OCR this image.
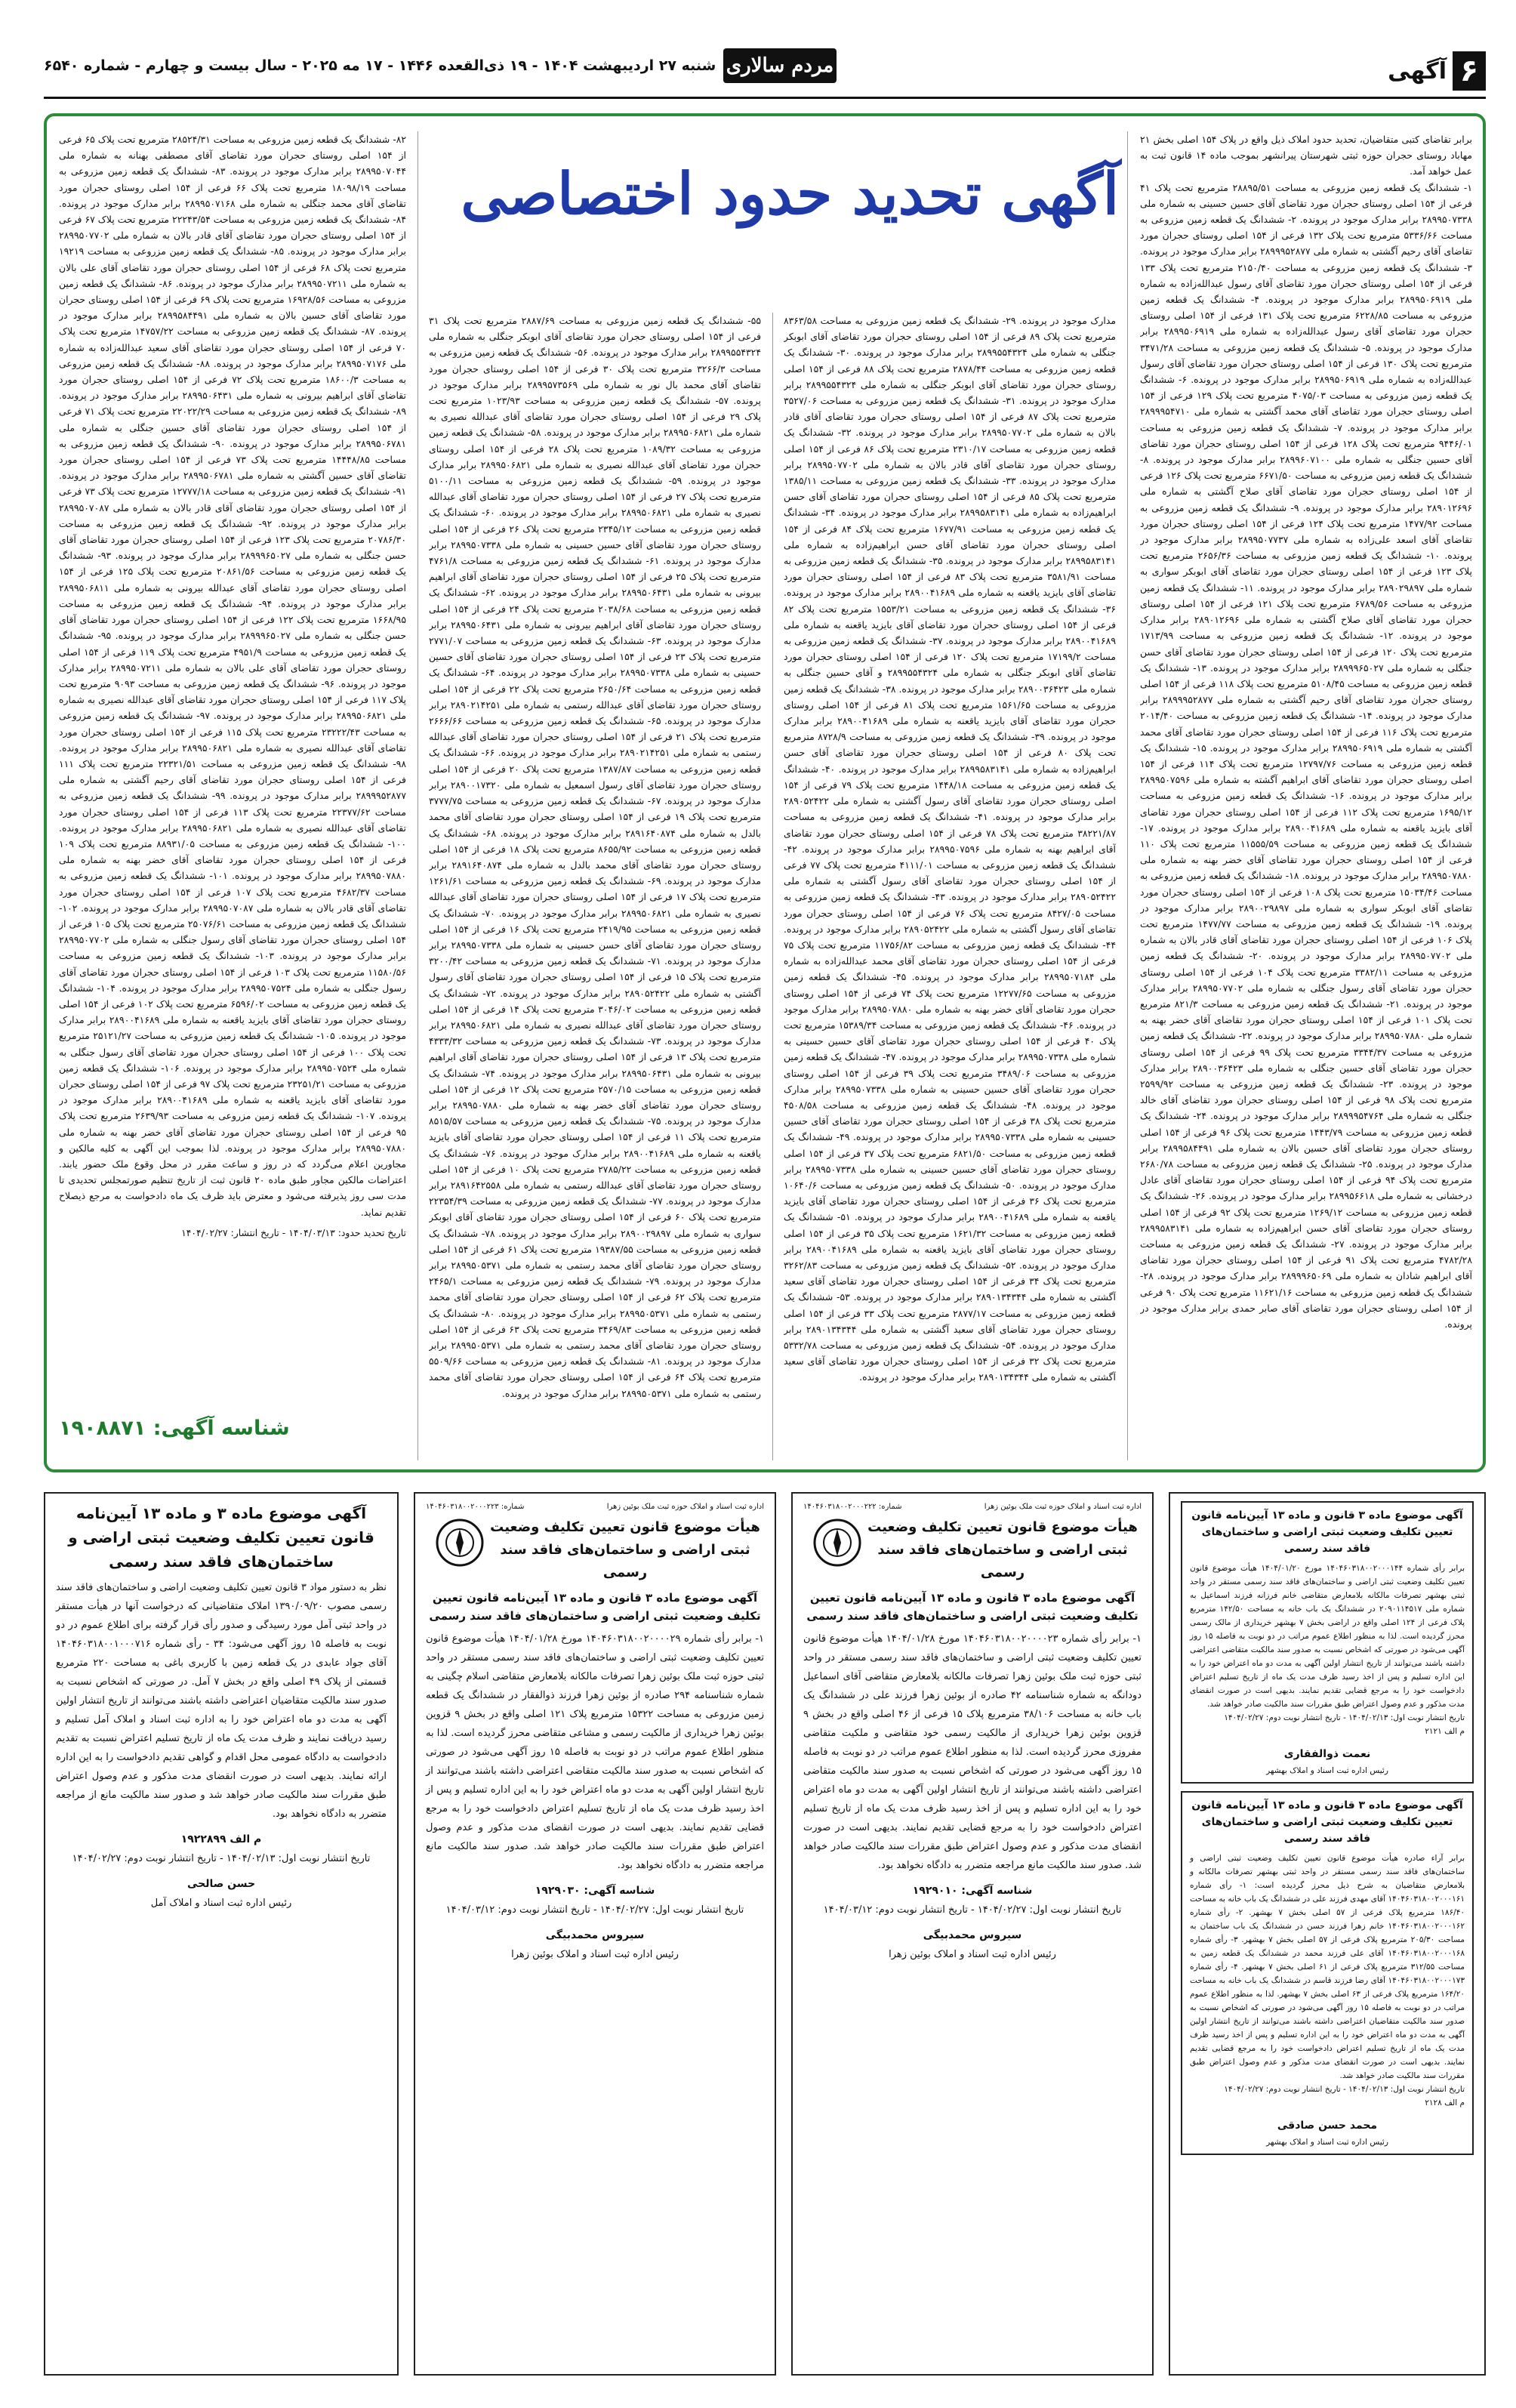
۶
آگهی
مردم سالاری
شنبه ۲۷ اردیبهشت ۱۴۰۴ - ۱۹ ذی‌القعده ۱۴۴۶ - ۱۷ مه ۲۰۲۵ - سال بیست و چهارم - شماره ۶۵۴۰

برابر تقاضای کتبی متقاضیان، تحدید حدود املاک ذیل واقع در پلاک ۱۵۴ اصلی بخش ۲۱ مهاباد روستای حجران حوزه ثبتی شهرستان پیرانشهر بموجب ماده ۱۴ قانون ثبت به عمل خواهد آمد.

۱- ششدانگ یک قطعه زمین مزروعی به مساحت ۲۸۸۹۵/۵۱ مترمربع تحت پلاک ۴۱ فرعی از ۱۵۴ اصلی روستای حجران مورد تقاضای آقای حسین حسینی به شماره ملی ۲۸۹۹۵۰۷۳۳۸ برابر مدارک موجود در پرونده. ۲- ششدانگ یک قطعه زمین مزروعی به مساحت ۵۳۳۶/۶۶ مترمربع تحت پلاک ۱۳۲ فرعی از ۱۵۴ اصلی روستای حجران مورد تقاضای آقای رحیم آگشتی به شماره ملی ۲۸۹۹۹۵۲۸۷۷ برابر مدارک موجود در پرونده. ۳- ششدانگ یک قطعه زمین مزروعی به مساحت ۲۱۵۰/۴۰ مترمربع تحت پلاک ۱۳۳ فرعی از ۱۵۴ اصلی روستای حجران مورد تقاضای آقای رسول عبدالله‌زاده به شماره ملی ۲۸۹۹۵۰۶۹۱۹ برابر مدارک موجود در پرونده. ۴- ششدانگ یک قطعه زمین مزروعی به مساحت ۶۲۲۸/۸۵ مترمربع تحت پلاک ۱۳۱ فرعی از ۱۵۴ اصلی روستای حجران مورد تقاضای آقای رسول عبدالله‌زاده به شماره ملی ۲۸۹۹۵۰۶۹۱۹ برابر مدارک موجود در پرونده. ۵- ششدانگ یک قطعه زمین مزروعی به مساحت ۳۴۷۱/۲۸ مترمربع تحت پلاک ۱۳۰ فرعی از ۱۵۴ اصلی روستای حجران مورد تقاضای آقای رسول عبدالله‌زاده به شماره ملی ۲۸۹۹۵۰۶۹۱۹ برابر مدارک موجود در پرونده. ۶- ششدانگ یک قطعه زمین مزروعی به مساحت ۴۰۷۵/۰۳ مترمربع تحت پلاک ۱۲۹ فرعی از ۱۵۴ اصلی روستای حجران مورد تقاضای آقای محمد آگشتی به شماره ملی ۲۸۹۹۹۵۴۷۱۰ برابر مدارک موجود در پرونده. ۷- ششدانگ یک قطعه زمین مزروعی به مساحت ۹۴۴۶/۰۱ مترمربع تحت پلاک ۱۲۸ فرعی از ۱۵۴ اصلی روستای حجران مورد تقاضای آقای حسین جنگلی به شماره ملی ۲۸۹۹۶۰۷۱۰۰ برابر مدارک موجود در پرونده. ۸- ششدانگ یک قطعه زمین مزروعی به مساحت ۶۶۷۱/۵۰ مترمربع تحت پلاک ۱۲۶ فرعی از ۱۵۴ اصلی روستای حجران مورد تقاضای آقای صلاح آگشتی به شماره ملی ۲۸۹۰۱۲۶۹۶ برابر مدارک موجود در پرونده. ۹- ششدانگ یک قطعه زمین مزروعی به مساحت ۱۴۷۷/۹۲ مترمربع تحت پلاک ۱۲۴ فرعی از ۱۵۴ اصلی روستای حجران مورد تقاضای آقای اسعد علی‌زاده به شماره ملی ۲۸۹۹۵۰۷۷۳۷ برابر مدارک موجود در پرونده. ۱۰- ششدانگ یک قطعه زمین مزروعی به مساحت ۲۶۵۶/۳۶ مترمربع تحت پلاک ۱۲۳ فرعی از ۱۵۴ اصلی روستای حجران مورد تقاضای آقای ابوبکر سواری به شماره ملی ۲۸۹۰۲۹۸۹۷ برابر مدارک موجود در پرونده. ۱۱- ششدانگ یک قطعه زمین مزروعی به مساحت ۶۷۸۹/۵۶ مترمربع تحت پلاک ۱۲۱ فرعی از ۱۵۴ اصلی روستای حجران مورد تقاضای آقای صلاح آگشتی به شماره ملی ۲۸۹۰۱۲۶۹۶ برابر مدارک موجود در پرونده. ۱۲- ششدانگ یک قطعه زمین مزروعی به مساحت ۱۷۱۳/۹۹ مترمربع تحت پلاک ۱۲۰ فرعی از ۱۵۴ اصلی روستای حجران مورد تقاضای آقای حسن جنگلی به شماره ملی ۲۸۹۹۹۶۵۰۲۷ برابر مدارک موجود در پرونده. ۱۳- ششدانگ یک قطعه زمین مزروعی به مساحت ۵۱۰۸/۴۵ مترمربع تحت پلاک ۱۱۸ فرعی از ۱۵۴ اصلی روستای حجران مورد تقاضای آقای رحیم آگشتی به شماره ملی ۲۸۹۹۹۵۲۸۷۷ برابر مدارک موجود در پرونده. ۱۴- ششدانگ یک قطعه زمین مزروعی به مساحت ۲۰۱۴/۴۰ مترمربع تحت پلاک ۱۱۶ فرعی از ۱۵۴ اصلی روستای حجران مورد تقاضای آقای محمد آگشتی به شماره ملی ۲۸۹۹۵۰۶۹۱۹ برابر مدارک موجود در پرونده. ۱۵- ششدانگ یک قطعه زمین مزروعی به مساحت ۱۲۷۹۷/۷۶ مترمربع تحت پلاک ۱۱۴ فرعی از ۱۵۴ اصلی روستای حجران مورد تقاضای آقای ابراهیم آگشته به شماره ملی ۲۸۹۹۵۰۷۵۹۶ برابر مدارک موجود در پرونده. ۱۶- ششدانگ یک قطعه زمین مزروعی به مساحت ۱۶۹۵/۱۲ مترمربع تحت پلاک ۱۱۲ فرعی از ۱۵۴ اصلی روستای حجران مورد تقاضای آقای بایزید یاقعنه به شماره ملی ۲۸۹۰۰۴۱۶۸۹ برابر مدارک موجود در پرونده. ۱۷- ششدانگ یک قطعه زمین مزروعی به مساحت ۱۱۵۵۵/۵۹ مترمربع تحت پلاک ۱۱۰ فرعی از ۱۵۴ اصلی روستای حجران مورد تقاضای آقای خضر بهنه به شماره ملی ۲۸۹۹۵۰۷۸۸۰ برابر مدارک موجود در پرونده. ۱۸- ششدانگ یک قطعه زمین مزروعی به مساحت ۱۵۰۳۴/۴۶ مترمربع تحت پلاک ۱۰۸ فرعی از ۱۵۴ اصلی روستای حجران مورد تقاضای آقای ابوبکر سواری به شماره ملی ۲۸۹۰۰۲۹۸۹۷ برابر مدارک موجود در پرونده. ۱۹- ششدانگ یک قطعه زمین مزروعی به مساحت ۱۴۷۷/۷۷ مترمربع تحت پلاک ۱۰۶ فرعی از ۱۵۴ اصلی روستای حجران مورد تقاضای آقای قادر بالان به شماره ملی ۲۸۹۹۵۰۷۷۰۲ برابر مدارک موجود در پرونده. ۲۰- ششدانگ یک قطعه زمین مزروعی به مساحت ۳۳۸۲/۱۱ مترمربع تحت پلاک ۱۰۴ فرعی از ۱۵۴ اصلی روستای حجران مورد تقاضای آقای رسول جنگلی به شماره ملی ۲۸۹۹۵۰۷۷۰۲ برابر مدارک موجود در پرونده. ۲۱- ششدانگ یک قطعه زمین مزروعی به مساحت ۸۲۱/۳ مترمربع تحت پلاک ۱۰۱ فرعی از ۱۵۴ اصلی روستای حجران مورد تقاضای آقای خضر بهنه به شماره ملی ۲۸۹۹۵۰۷۸۸۰ برابر مدارک موجود در پرونده. ۲۲- ششدانگ یک قطعه زمین مزروعی به مساحت ۳۳۴۴/۳۷ مترمربع تحت پلاک ۹۹ فرعی از ۱۵۴ اصلی روستای حجران مورد تقاضای آقای حسین جنگلی به شماره ملی ۲۸۹۰۰۳۶۴۲۳ برابر مدارک موجود در پرونده. ۲۳- ششدانگ یک قطعه زمین مزروعی به مساحت ۲۵۹۹/۹۲ مترمربع تحت پلاک ۹۸ فرعی از ۱۵۴ اصلی روستای حجران مورد تقاضای آقای خالد جنگلی به شماره ملی ۲۸۹۹۹۵۴۷۶۴ برابر مدارک موجود در پرونده. ۲۴- ششدانگ یک قطعه زمین مزروعی به مساحت ۱۴۴۳/۷۹ مترمربع تحت پلاک ۹۶ فرعی از ۱۵۴ اصلی روستای حجران مورد تقاضای آقای حسین بالان به شماره ملی ۲۸۹۹۵۸۴۴۹۱ برابر مدارک موجود در پرونده. ۲۵- ششدانگ یک قطعه زمین مزروعی به مساحت ۲۶۸۰/۷۸ مترمربع تحت پلاک ۹۴ فرعی از ۱۵۴ اصلی روستای حجران مورد تقاضای آقای عادل درخشانی به شماره ملی ۲۸۹۹۵۶۶۱۸ برابر مدارک موجود در پرونده. ۲۶- ششدانگ یک قطعه زمین مزروعی به مساحت ۱۲۶۹/۱۲ مترمربع تحت پلاک ۹۲ فرعی از ۱۵۴ اصلی روستای حجران مورد تقاضای آقای حسن ابراهیم‌زاده به شماره ملی ۲۸۹۹۵۸۳۱۴۱ برابر مدارک موجود در پرونده. ۲۷- ششدانگ یک قطعه زمین مزروعی به مساحت ۴۷۸۲/۲۸ مترمربع تحت پلاک ۹۱ فرعی از ۱۵۴ اصلی روستای حجران مورد تقاضای آقای ابراهیم شادان به شماره ملی ۲۸۹۹۹۶۵۰۶۹ برابر مدارک موجود در پرونده. ۲۸- ششدانگ یک قطعه زمین مزروعی به مساحت ۱۱۶۲۱/۱۶ مترمربع تحت پلاک ۹۰ فرعی از ۱۵۴ اصلی روستای حجران مورد تقاضای آقای صابر حمدی برابر مدارک موجود در پرونده.

مدارک موجود در پرونده. ۲۹- ششدانگ یک قطعه زمین مزروعی به مساحت ۸۳۶۳/۵۸ مترمربع تحت پلاک ۸۹ فرعی از ۱۵۴ اصلی روستای حجران مورد تقاضای آقای ابوبکر جنگلی به شماره ملی ۲۸۹۹۵۵۴۳۲۴ برابر مدارک موجود در پرونده. ۳۰- ششدانگ یک قطعه زمین مزروعی به مساحت ۲۸۷۸/۴۴ مترمربع تحت پلاک ۸۸ فرعی از ۱۵۴ اصلی روستای حجران مورد تقاضای آقای ابوبکر جنگلی به شماره ملی ۲۸۹۹۵۵۴۳۲۴ برابر مدارک موجود در پرونده. ۳۱- ششدانگ یک قطعه زمین مزروعی به مساحت ۳۵۲۷/۰۶ مترمربع تحت پلاک ۸۷ فرعی از ۱۵۴ اصلی روستای حجران مورد تقاضای آقای قادر بالان به شماره ملی ۲۸۹۹۵۰۷۷۰۲ برابر مدارک موجود در پرونده. ۳۲- ششدانگ یک قطعه زمین مزروعی به مساحت ۲۳۱۰/۱۷ مترمربع تحت پلاک ۸۶ فرعی از ۱۵۴ اصلی روستای حجران مورد تقاضای آقای قادر بالان به شماره ملی ۲۸۹۹۵۰۷۷۰۲ برابر مدارک موجود در پرونده. ۳۳- ششدانگ یک قطعه زمین مزروعی به مساحت ۱۳۸۵/۱۱ مترمربع تحت پلاک ۸۵ فرعی از ۱۵۴ اصلی روستای حجران مورد تقاضای آقای حسن ابراهیم‌زاده به شماره ملی ۲۸۹۹۵۸۳۱۴۱ برابر مدارک موجود در پرونده. ۳۴- ششدانگ یک قطعه زمین مزروعی به مساحت ۱۶۷۷/۹۱ مترمربع تحت پلاک ۸۴ فرعی از ۱۵۴ اصلی روستای حجران مورد تقاضای آقای حسن ابراهیم‌زاده به شماره ملی ۲۸۹۹۵۸۳۱۴۱ برابر مدارک موجود در پرونده. ۳۵- ششدانگ یک قطعه زمین مزروعی به مساحت ۳۵۸۱/۹۱ مترمربع تحت پلاک ۸۳ فرعی از ۱۵۴ اصلی روستای حجران مورد تقاضای آقای بایزید یاقعنه به شماره ملی ۲۸۹۰۰۴۱۶۸۹ برابر مدارک موجود در پرونده. ۳۶- ششدانگ یک قطعه زمین مزروعی به مساحت ۱۵۵۳/۲۱ مترمربع تحت پلاک ۸۲ فرعی از ۱۵۴ اصلی روستای حجران مورد تقاضای آقای بایزید یاقعنه به شماره ملی ۲۸۹۰۰۴۱۶۸۹ برابر مدارک موجود در پرونده. ۳۷- ششدانگ یک قطعه زمین مزروعی به مساحت ۱۷۱۹۹/۲ مترمربع تحت پلاک ۱۲۰ فرعی از ۱۵۴ اصلی روستای حجران مورد تقاضای آقای ابوبکر جنگلی به شماره ملی ۲۸۹۹۵۵۴۳۲۴ و آقای حسین جنگلی به شماره ملی ۲۸۹۰۰۳۶۴۲۳ برابر مدارک موجود در پرونده. ۳۸- ششدانگ یک قطعه زمین مزروعی به مساحت ۱۵۶۱/۶۵ مترمربع تحت پلاک ۸۱ فرعی از ۱۵۴ اصلی روستای حجران مورد تقاضای آقای بایزید یاقعنه به شماره ملی ۲۸۹۰۰۴۱۶۸۹ برابر مدارک موجود در پرونده. ۳۹- ششدانگ یک قطعه زمین مزروعی به مساحت ۸۷۲۸/۹ مترمربع تحت پلاک ۸۰ فرعی از ۱۵۴ اصلی روستای حجران مورد تقاضای آقای حسن ابراهیم‌زاده به شماره ملی ۲۸۹۹۵۸۳۱۴۱ برابر مدارک موجود در پرونده. ۴۰- ششدانگ یک قطعه زمین مزروعی به مساحت ۱۴۴۸/۱۸ مترمربع تحت پلاک ۷۹ فرعی از ۱۵۴ اصلی روستای حجران مورد تقاضای آقای رسول آگشتی به شماره ملی ۲۸۹۰۵۲۴۲۲ برابر مدارک موجود در پرونده. ۴۱- ششدانگ یک قطعه زمین مزروعی به مساحت ۳۸۲۲۱/۸۷ مترمربع تحت پلاک ۷۸ فرعی از ۱۵۴ اصلی روستای حجران مورد تقاضای آقای ابراهیم بهنه به شماره ملی ۲۸۹۹۵۰۷۵۹۶ برابر مدارک موجود در پرونده. ۴۲- ششدانگ یک قطعه زمین مزروعی به مساحت ۴۱۱۱/۰۱ مترمربع تحت پلاک ۷۷ فرعی از ۱۵۴ اصلی روستای حجران مورد تقاضای آقای رسول آگشتی به شماره ملی ۲۸۹۰۵۲۴۲۲ برابر مدارک موجود در پرونده. ۴۳- ششدانگ یک قطعه زمین مزروعی به مساحت ۸۴۲۷/۰۵ مترمربع تحت پلاک ۷۶ فرعی از ۱۵۴ اصلی روستای حجران مورد تقاضای آقای رسول آگشتی به شماره ملی ۲۸۹۰۵۲۴۲۲ برابر مدارک موجود در پرونده. ۴۴- ششدانگ یک قطعه زمین مزروعی به مساحت ۱۱۷۵۶/۸۲ مترمربع تحت پلاک ۷۵ فرعی از ۱۵۴ اصلی روستای حجران مورد تقاضای آقای محمد عبدالله‌زاده به شماره ملی ۲۸۹۹۵۰۷۱۸۴ برابر مدارک موجود در پرونده. ۴۵- ششدانگ یک قطعه زمین مزروعی به مساحت ۱۲۲۷۷/۶۵ مترمربع تحت پلاک ۷۴ فرعی از ۱۵۴ اصلی روستای حجران مورد تقاضای آقای خضر بهنه به شماره ملی ۲۸۹۹۵۰۷۸۸۰ برابر مدارک موجود در پرونده. ۴۶- ششدانگ یک قطعه زمین مزروعی به مساحت ۱۵۳۸۹/۳۴ مترمربع تحت پلاک ۴۰ فرعی از ۱۵۴ اصلی روستای حجران مورد تقاضای آقای حسین حسینی به شماره ملی ۲۸۹۹۵۰۷۳۳۸ برابر مدارک موجود در پرونده. ۴۷- ششدانگ یک قطعه زمین مزروعی به مساحت ۳۴۸۹/۰۶ مترمربع تحت پلاک ۳۹ فرعی از ۱۵۴ اصلی روستای حجران مورد تقاضای آقای حسین حسینی به شماره ملی ۲۸۹۹۵۰۷۳۳۸ برابر مدارک موجود در پرونده. ۴۸- ششدانگ یک قطعه زمین مزروعی به مساحت ۴۵۰۸/۵۸ مترمربع تحت پلاک ۳۸ فرعی از ۱۵۴ اصلی روستای حجران مورد تقاضای آقای حسین حسینی به شماره ملی ۲۸۹۹۵۰۷۳۳۸ برابر مدارک موجود در پرونده. ۴۹- ششدانگ یک قطعه زمین مزروعی به مساحت ۶۸۲۱/۵۰ مترمربع تحت پلاک ۳۷ فرعی از ۱۵۴ اصلی روستای حجران مورد تقاضای آقای حسین حسینی به شماره ملی ۲۸۹۹۵۰۷۳۳۸ برابر مدارک موجود در پرونده. ۵۰- ششدانگ یک قطعه زمین مزروعی به مساحت ۱۰۶۴۰/۶ مترمربع تحت پلاک ۳۶ فرعی از ۱۵۴ اصلی روستای حجران مورد تقاضای آقای بایزید یاقعنه به شماره ملی ۲۸۹۰۰۴۱۶۸۹ برابر مدارک موجود در پرونده. ۵۱- ششدانگ یک قطعه زمین مزروعی به مساحت ۱۶۲۱/۳۲ مترمربع تحت پلاک ۳۵ فرعی از ۱۵۴ اصلی روستای حجران مورد تقاضای آقای بایزید یاقعنه به شماره ملی ۲۸۹۰۰۴۱۶۸۹ برابر مدارک موجود در پرونده. ۵۲- ششدانگ یک قطعه زمین مزروعی به مساحت ۳۲۶۲/۸۳ مترمربع تحت پلاک ۳۴ فرعی از ۱۵۴ اصلی روستای حجران مورد تقاضای آقای سعید آگشتی به شماره ملی ۲۸۹۰۱۳۴۳۴۴ برابر مدارک موجود در پرونده. ۵۳- ششدانگ یک قطعه زمین مزروعی به مساحت ۲۸۷۷/۱۷ مترمربع تحت پلاک ۳۳ فرعی از ۱۵۴ اصلی روستای حجران مورد تقاضای آقای سعید آگشتی به شماره ملی ۲۸۹۰۱۳۴۳۴۴ برابر مدارک موجود در پرونده. ۵۴- ششدانگ یک قطعه زمین مزروعی به مساحت ۵۳۳۲/۷۸ مترمربع تحت پلاک ۳۲ فرعی از ۱۵۴ اصلی روستای حجران مورد تقاضای آقای سعید آگشتی به شماره ملی ۲۸۹۰۱۳۴۳۴۴ برابر مدارک موجود در پرونده.

۵۵- ششدانگ یک قطعه زمین مزروعی به مساحت ۲۸۸۷/۶۹ مترمربع تحت پلاک ۳۱ فرعی از ۱۵۴ اصلی روستای حجران مورد تقاضای آقای ابوبکر جنگلی به شماره ملی ۲۸۹۹۵۵۴۳۲۴ برابر مدارک موجود در پرونده. ۵۶- ششدانگ یک قطعه زمین مزروعی به مساحت ۳۲۶۶/۳ مترمربع تحت پلاک ۳۰ فرعی از ۱۵۴ اصلی روستای حجران مورد تقاضای آقای محمد بال نور به شماره ملی ۲۸۹۹۵۷۳۵۶۹ برابر مدارک موجود در پرونده. ۵۷- ششدانگ یک قطعه زمین مزروعی به مساحت ۱۰۲۳/۹۳ مترمربع تحت پلاک ۲۹ فرعی از ۱۵۴ اصلی روستای حجران مورد تقاضای آقای عبدالله نصیری به شماره ملی ۲۸۹۹۵۰۶۸۲۱ برابر مدارک موجود در پرونده. ۵۸- ششدانگ یک قطعه زمین مزروعی به مساحت ۱۰۸۹/۳۲ مترمربع تحت پلاک ۲۸ فرعی از ۱۵۴ اصلی روستای حجران مورد تقاضای آقای عبدالله نصیری به شماره ملی ۲۸۹۹۵۰۶۸۲۱ برابر مدارک موجود در پرونده. ۵۹- ششدانگ یک قطعه زمین مزروعی به مساحت ۵۱۰۰/۱۱ مترمربع تحت پلاک ۲۷ فرعی از ۱۵۴ اصلی روستای حجران مورد تقاضای آقای عبدالله نصیری به شماره ملی ۲۸۹۹۵۰۶۸۲۱ برابر مدارک موجود در پرونده. ۶۰- ششدانگ یک قطعه زمین مزروعی به مساحت ۲۳۴۵/۱۲ مترمربع تحت پلاک ۲۶ فرعی از ۱۵۴ اصلی روستای حجران مورد تقاضای آقای حسین حسینی به شماره ملی ۲۸۹۹۵۰۷۳۳۸ برابر مدارک موجود در پرونده. ۶۱- ششدانگ یک قطعه زمین مزروعی به مساحت ۴۷۶۱/۸ مترمربع تحت پلاک ۲۵ فرعی از ۱۵۴ اصلی روستای حجران مورد تقاضای آقای ابراهیم بیرونی به شماره ملی ۲۸۹۹۵۰۶۴۳۱ برابر مدارک موجود در پرونده. ۶۲- ششدانگ یک قطعه زمین مزروعی به مساحت ۲۰۳۸/۶۸ مترمربع تحت پلاک ۲۴ فرعی از ۱۵۴ اصلی روستای حجران مورد تقاضای آقای ابراهیم بیرونی به شماره ملی ۲۸۹۹۵۰۶۴۳۱ برابر مدارک موجود در پرونده. ۶۳- ششدانگ یک قطعه زمین مزروعی به مساحت ۲۷۷۱/۰۷ مترمربع تحت پلاک ۲۳ فرعی از ۱۵۴ اصلی روستای حجران مورد تقاضای آقای حسین حسینی به شماره ملی ۲۸۹۹۵۰۷۳۳۸ برابر مدارک موجود در پرونده. ۶۴- ششدانگ یک قطعه زمین مزروعی به مساحت ۲۶۵۰/۶۴ مترمربع تحت پلاک ۲۲ فرعی از ۱۵۴ اصلی روستای حجران مورد تقاضای آقای عبدالله رستمی به شماره ملی ۲۸۹۰۲۱۴۲۵۱ برابر مدارک موجود در پرونده. ۶۵- ششدانگ یک قطعه زمین مزروعی به مساحت ۲۶۶۶/۶۶ مترمربع تحت پلاک ۲۱ فرعی از ۱۵۴ اصلی روستای حجران مورد تقاضای آقای عبدالله رستمی به شماره ملی ۲۸۹۰۲۱۴۲۵۱ برابر مدارک موجود در پرونده. ۶۶- ششدانگ یک قطعه زمین مزروعی به مساحت ۱۳۸۷/۸۷ مترمربع تحت پلاک ۲۰ فرعی از ۱۵۴ اصلی روستای حجران مورد تقاضای آقای رسول اسمعیل به شماره ملی ۲۸۹۰۰۱۷۳۲۰ برابر مدارک موجود در پرونده. ۶۷- ششدانگ یک قطعه زمین مزروعی به مساحت ۳۷۷۷/۷۵ مترمربع تحت پلاک ۱۹ فرعی از ۱۵۴ اصلی روستای حجران مورد تقاضای آقای محمد بالدل به شماره ملی ۲۸۹۱۶۴۰۸۷۴ برابر مدارک موجود در پرونده. ۶۸- ششدانگ یک قطعه زمین مزروعی به مساحت ۸۶۵۵/۹۲ مترمربع تحت پلاک ۱۸ فرعی از ۱۵۴ اصلی روستای حجران مورد تقاضای آقای محمد بالدل به شماره ملی ۲۸۹۱۶۴۰۸۷۴ برابر مدارک موجود در پرونده. ۶۹- ششدانگ یک قطعه زمین مزروعی به مساحت ۱۲۶۱/۶۱ مترمربع تحت پلاک ۱۷ فرعی از ۱۵۴ اصلی روستای حجران مورد تقاضای آقای عبدالله نصیری به شماره ملی ۲۸۹۹۵۰۶۸۲۱ برابر مدارک موجود در پرونده. ۷۰- ششدانگ یک قطعه زمین مزروعی به مساحت ۲۴۱۹/۹۵ مترمربع تحت پلاک ۱۶ فرعی از ۱۵۴ اصلی روستای حجران مورد تقاضای آقای حسن حسینی به شماره ملی ۲۸۹۹۵۰۷۳۳۸ برابر مدارک موجود در پرونده. ۷۱- ششدانگ یک قطعه زمین مزروعی به مساحت ۳۲۰۰/۴۲ مترمربع تحت پلاک ۱۵ فرعی از ۱۵۴ اصلی روستای حجران مورد تقاضای آقای رسول آگشتی به شماره ملی ۲۸۹۰۵۲۴۲۲ برابر مدارک موجود در پرونده. ۷۲- ششدانگ یک قطعه زمین مزروعی به مساحت ۳۰۴۶/۰۲ مترمربع تحت پلاک ۱۴ فرعی از ۱۵۴ اصلی روستای حجران مورد تقاضای آقای عبدالله نصیری به شماره ملی ۲۸۹۹۵۰۶۸۲۱ برابر مدارک موجود در پرونده. ۷۳- ششدانگ یک قطعه زمین مزروعی به مساحت ۴۳۳۳/۳۲ مترمربع تحت پلاک ۱۳ فرعی از ۱۵۴ اصلی روستای حجران مورد تقاضای آقای ابراهیم بیرونی به شماره ملی ۲۸۹۹۵۰۶۴۳۱ برابر مدارک موجود در پرونده. ۷۴- ششدانگ یک قطعه زمین مزروعی به مساحت ۲۵۷۰/۱۵ مترمربع تحت پلاک ۱۲ فرعی از ۱۵۴ اصلی روستای حجران مورد تقاضای آقای خضر بهنه به شماره ملی ۲۸۹۹۵۰۷۸۸۰ برابر مدارک موجود در پرونده. ۷۵- ششدانگ یک قطعه زمین مزروعی به مساحت ۸۵۱۵/۵۷ مترمربع تحت پلاک ۱۱ فرعی از ۱۵۴ اصلی روستای حجران مورد تقاضای آقای بایزید یاقعنه به شماره ملی ۲۸۹۰۰۴۱۶۸۹ برابر مدارک موجود در پرونده. ۷۶- ششدانگ یک قطعه زمین مزروعی به مساحت ۲۷۸۵/۲۲ مترمربع تحت پلاک ۱۰ فرعی از ۱۵۴ اصلی روستای حجران مورد تقاضای آقای عبدالله رستمی به شماره ملی ۲۸۹۱۶۴۲۵۵۸ برابر مدارک موجود در پرونده. ۷۷- ششدانگ یک قطعه زمین مزروعی به مساحت ۲۲۳۵۴/۳۹ مترمربع تحت پلاک ۶۰ فرعی از ۱۵۴ اصلی روستای حجران مورد تقاضای آقای ابوبکر سواری به شماره ملی ۲۸۹۰۰۲۹۸۹۷ برابر مدارک موجود در پرونده. ۷۸- ششدانگ یک قطعه زمین مزروعی به مساحت ۱۹۳۸۷/۵۵ مترمربع تحت پلاک ۶۱ فرعی از ۱۵۴ اصلی روستای حجران مورد تقاضای آقای محمد رستمی به شماره ملی ۲۸۹۹۵۰۵۳۷۱ برابر مدارک موجود در پرونده. ۷۹- ششدانگ یک قطعه زمین مزروعی به مساحت ۲۴۶۵/۱ مترمربع تحت پلاک ۶۲ فرعی از ۱۵۴ اصلی روستای حجران مورد تقاضای آقای محمد رستمی به شماره ملی ۲۸۹۹۵۰۵۳۷۱ برابر مدارک موجود در پرونده. ۸۰- ششدانگ یک قطعه زمین مزروعی به مساحت ۳۴۶۹/۸۳ مترمربع تحت پلاک ۶۳ فرعی از ۱۵۴ اصلی روستای حجران مورد تقاضای آقای محمد رستمی به شماره ملی ۲۸۹۹۵۰۵۳۷۱ برابر مدارک موجود در پرونده. ۸۱- ششدانگ یک قطعه زمین مزروعی به مساحت ۵۵۰۹/۶۶ مترمربع تحت پلاک ۶۴ فرعی از ۱۵۴ اصلی روستای حجران مورد تقاضای آقای محمد رستمی به شماره ملی ۲۸۹۹۵۰۵۳۷۱ برابر مدارک موجود در پرونده.

۸۲- ششدانگ یک قطعه زمین مزروعی به مساحت ۲۸۵۲۴/۳۱ مترمربع تحت پلاک ۶۵ فرعی از ۱۵۴ اصلی روستای حجران مورد تقاضای آقای مصطفی بهنانه به شماره ملی ۲۸۹۹۵۰۷۰۴۴ برابر مدارک موجود در پرونده. ۸۳- ششدانگ یک قطعه زمین مزروعی به مساحت ۱۸۰۹۸/۱۹ مترمربع تحت پلاک ۶۶ فرعی از ۱۵۴ اصلی روستای حجران مورد تقاضای آقای محمد جنگلی به شماره ملی ۲۸۹۹۵۰۷۱۶۸ برابر مدارک موجود در پرونده. ۸۴- ششدانگ یک قطعه زمین مزروعی به مساحت ۲۲۲۴۳/۵۴ مترمربع تحت پلاک ۶۷ فرعی از ۱۵۴ اصلی روستای حجران مورد تقاضای آقای قادر بالان به شماره ملی ۲۸۹۹۵۰۷۷۰۲ برابر مدارک موجود در پرونده. ۸۵- ششدانگ یک قطعه زمین مزروعی به مساحت ۱۹۲۱۹ مترمربع تحت پلاک ۶۸ فرعی از ۱۵۴ اصلی روستای حجران مورد تقاضای آقای علی بالان به شماره ملی ۲۸۹۹۵۰۷۲۱۱ برابر مدارک موجود در پرونده. ۸۶- ششدانگ یک قطعه زمین مزروعی به مساحت ۱۶۹۲۸/۵۶ مترمربع تحت پلاک ۶۹ فرعی از ۱۵۴ اصلی روستای حجران مورد تقاضای آقای حسین بالان به شماره ملی ۲۸۹۹۵۸۴۴۹۱ برابر مدارک موجود در پرونده. ۸۷- ششدانگ یک قطعه زمین مزروعی به مساحت ۱۴۷۵۷/۲۲ مترمربع تحت پلاک ۷۰ فرعی از ۱۵۴ اصلی روستای حجران مورد تقاضای آقای سعید عبدالله‌زاده به شماره ملی ۲۸۹۹۵۰۷۱۷۶ برابر مدارک موجود در پرونده. ۸۸- ششدانگ یک قطعه زمین مزروعی به مساحت ۱۸۶۰۰/۳ مترمربع تحت پلاک ۷۲ فرعی از ۱۵۴ اصلی روستای حجران مورد تقاضای آقای ابراهیم بیرونی به شماره ملی ۲۸۹۹۵۰۶۴۳۱ برابر مدارک موجود در پرونده. ۸۹- ششدانگ یک قطعه زمین مزروعی به مساحت ۲۲۰۲۲/۲۹ مترمربع تحت پلاک ۷۱ فرعی از ۱۵۴ اصلی روستای حجران مورد تقاضای آقای حسین جنگلی به شماره ملی ۲۸۹۹۵۰۶۷۸۱ برابر مدارک موجود در پرونده. ۹۰- ششدانگ یک قطعه زمین مزروعی به مساحت ۱۴۴۴۸/۸۵ مترمربع تحت پلاک ۷۳ فرعی از ۱۵۴ اصلی روستای حجران مورد تقاضای آقای حسین آگشتی به شماره ملی ۲۸۹۹۵۰۶۷۸۱ برابر مدارک موجود در پرونده. ۹۱- ششدانگ یک قطعه زمین مزروعی به مساحت ۱۲۷۷۷/۱۸ مترمربع تحت پلاک ۷۳ فرعی از ۱۵۴ اصلی روستای حجران مورد تقاضای آقای قادر بالان به شماره ملی ۲۸۹۹۵۰۷۰۸۷ برابر مدارک موجود در پرونده. ۹۲- ششدانگ یک قطعه زمین مزروعی به مساحت ۲۰۷۸۶/۳۰ مترمربع تحت پلاک ۱۲۳ فرعی از ۱۵۴ اصلی روستای حجران مورد تقاضای آقای حسن جنگلی به شماره ملی ۲۸۹۹۹۶۵۰۲۷ برابر مدارک موجود در پرونده. ۹۳- ششدانگ یک قطعه زمین مزروعی به مساحت ۲۰۸۶۱/۵۶ مترمربع تحت پلاک ۱۲۵ فرعی از ۱۵۴ اصلی روستای حجران مورد تقاضای آقای عبدالله بیرونی به شماره ملی ۲۸۹۹۵۰۶۸۱۱ برابر مدارک موجود در پرونده. ۹۴- ششدانگ یک قطعه زمین مزروعی به مساحت ۱۶۶۸/۹۵ مترمربع تحت پلاک ۱۲۲ فرعی از ۱۵۴ اصلی روستای حجران مورد تقاضای آقای حسن جنگلی به شماره ملی ۲۸۹۹۹۶۵۰۲۷ برابر مدارک موجود در پرونده. ۹۵- ششدانگ یک قطعه زمین مزروعی به مساحت ۴۹۵۱/۹ مترمربع تحت پلاک ۱۱۹ فرعی از ۱۵۴ اصلی روستای حجران مورد تقاضای آقای علی بالان به شماره ملی ۲۸۹۹۵۰۷۲۱۱ برابر مدارک موجود در پرونده. ۹۶- ششدانگ یک قطعه زمین مزروعی به مساحت ۹۰۹۳ مترمربع تحت پلاک ۱۱۷ فرعی از ۱۵۴ اصلی روستای حجران مورد تقاضای آقای عبدالله نصیری به شماره ملی ۲۸۹۹۵۰۶۸۲۱ برابر مدارک موجود در پرونده. ۹۷- ششدانگ یک قطعه زمین مزروعی به مساحت ۲۳۲۲۲/۴۳ مترمربع تحت پلاک ۱۱۵ فرعی از ۱۵۴ اصلی روستای حجران مورد تقاضای آقای عبدالله نصیری به شماره ملی ۲۸۹۹۵۰۶۸۲۱ برابر مدارک موجود در پرونده. ۹۸- ششدانگ یک قطعه زمین مزروعی به مساحت ۲۲۳۲۱/۵۱ مترمربع تحت پلاک ۱۱۱ فرعی از ۱۵۴ اصلی روستای حجران مورد تقاضای آقای رحیم آگشتی به شماره ملی ۲۸۹۹۹۵۲۸۷۷ برابر مدارک موجود در پرونده. ۹۹- ششدانگ یک قطعه زمین مزروعی به مساحت ۲۲۳۷۷/۶۲ مترمربع تحت پلاک ۱۱۳ فرعی از ۱۵۴ اصلی روستای حجران مورد تقاضای آقای عبدالله نصیری به شماره ملی ۲۸۹۹۵۰۶۸۲۱ برابر مدارک موجود در پرونده. ۱۰۰- ششدانگ یک قطعه زمین مزروعی به مساحت ۸۸۹۳۱/۰۵ مترمربع تحت پلاک ۱۰۹ فرعی از ۱۵۴ اصلی روستای حجران مورد تقاضای آقای خضر بهنه به شماره ملی ۲۸۹۹۵۰۷۸۸۰ برابر مدارک موجود در پرونده. ۱۰۱- ششدانگ یک قطعه زمین مزروعی به مساحت ۴۶۸۲/۳۷ مترمربع تحت پلاک ۱۰۷ فرعی از ۱۵۴ اصلی روستای حجران مورد تقاضای آقای قادر بالان به شماره ملی ۲۸۹۹۵۰۷۰۸۷ برابر مدارک موجود در پرونده. ۱۰۲- ششدانگ یک قطعه زمین مزروعی به مساحت ۲۵۰۷۶/۶۱ مترمربع تحت پلاک ۱۰۵ فرعی از ۱۵۴ اصلی روستای حجران مورد تقاضای آقای رسول جنگلی به شماره ملی ۲۸۹۹۵۰۷۷۰۲ برابر مدارک موجود در پرونده. ۱۰۳- ششدانگ یک قطعه زمین مزروعی به مساحت ۱۱۵۸۰/۵۶ مترمربع تحت پلاک ۱۰۳ فرعی از ۱۵۴ اصلی روستای حجران مورد تقاضای آقای رسول جنگلی به شماره ملی ۲۸۹۹۵۰۷۵۲۴ برابر مدارک موجود در پرونده. ۱۰۴- ششدانگ یک قطعه زمین مزروعی به مساحت ۶۵۹۶/۰۲ مترمربع تحت پلاک ۱۰۲ فرعی از ۱۵۴ اصلی روستای حجران مورد تقاضای آقای بایزید یاقعنه به شماره ملی ۲۸۹۰۰۴۱۶۸۹ برابر مدارک موجود در پرونده. ۱۰۵- ششدانگ یک قطعه زمین مزروعی به مساحت ۲۵۱۲۱/۲۷ مترمربع تحت پلاک ۱۰۰ فرعی از ۱۵۴ اصلی روستای حجران مورد تقاضای آقای رسول جنگلی به شماره ملی ۲۸۹۹۵۰۷۵۲۴ برابر مدارک موجود در پرونده. ۱۰۶- ششدانگ یک قطعه زمین مزروعی به مساحت ۲۳۲۵۱/۲۱ مترمربع تحت پلاک ۹۷ فرعی از ۱۵۴ اصلی روستای حجران مورد تقاضای آقای بایزید یاقعنه به شماره ملی ۲۸۹۰۰۴۱۶۸۹ برابر مدارک موجود در پرونده. ۱۰۷- ششدانگ یک قطعه زمین مزروعی به مساحت ۲۶۳۹/۹۳ مترمربع تحت پلاک ۹۵ فرعی از ۱۵۴ اصلی روستای حجران مورد تقاضای آقای خضر بهنه به شماره ملی ۲۸۹۹۵۰۷۸۸۰ برابر مدارک موجود در پرونده. لذا بموجب این آگهی به کلیه مالکین و مجاورین اعلام می‌گردد که در روز و ساعت مقرر در محل وقوع ملک حضور یابند. اعتراضات مالکین مجاور طبق ماده ۲۰ قانون ثبت از تاریخ تنظیم صورتمجلس تحدیدی تا مدت سی روز پذیرفته می‌شود و معترض باید ظرف یک ماه دادخواست به مرجع ذیصلاح تقدیم نماید.

تاریخ تحدید حدود: ۱۴۰۴/۰۳/۱۳ - تاریخ انتشار: ۱۴۰۴/۰۲/۲۷

آگهی تحدید حدود اختصاصی
شناسه آگهی: ۱۹۰۸۸۷۱
آگهی موضوع ماده ۳ قانون و ماده ۱۳ آیین‌نامه قانون تعیین تکلیف وضعیت ثبتی اراضی و ساختمان‌های فاقد سند رسمی
برابر رأی شماره ۱۴۰۴۶۰۳۱۸۰۰۲۰۰۰۱۴۴ مورخ ۱۴۰۴/۰۱/۲۰ هیأت موضوع قانون تعیین تکلیف وضعیت ثبتی اراضی و ساختمان‌های فاقد سند رسمی مستقر در واحد ثبتی بهشهر تصرفات مالکانه بلامعارض متقاضی خانم فرزانه فرزند اسماعیل به شماره ملی ۲۰۹۰۱۱۴۵۱۷ در ششدانگ یک باب خانه به مساحت ۱۴۲/۵۰ مترمربع پلاک فرعی از ۱۲۴ اصلی واقع در اراضی بخش ۷ بهشهر خریداری از مالک رسمی محرز گردیده است. لذا به منظور اطلاع عموم مراتب در دو نوبت به فاصله ۱۵ روز آگهی می‌شود در صورتی که اشخاص نسبت به صدور سند مالکیت متقاضی اعتراضی داشته باشند می‌توانند از تاریخ انتشار اولین آگهی به مدت دو ماه اعتراض خود را به این اداره تسلیم و پس از اخذ رسید ظرف مدت یک ماه از تاریخ تسلیم اعتراض دادخواست خود را به مرجع قضایی تقدیم نمایند. بدیهی است در صورت انقضای مدت مذکور و عدم وصول اعتراض طبق مقررات سند مالکیت صادر خواهد شد.
تاریخ انتشار نوبت اول: ۱۴۰۴/۰۲/۱۳ - تاریخ انتشار نوبت دوم: ۱۴۰۴/۰۲/۲۷
م الف ۲۱۲۱
نعمت ذوالفقاری
رئیس اداره ثبت اسناد و املاک بهشهر
آگهی موضوع ماده ۳ قانون و ماده ۱۳ آیین‌نامه قانون تعیین تکلیف وضعیت ثبتی اراضی و ساختمان‌های فاقد سند رسمی
برابر آراء صادره هیأت موضوع قانون تعیین تکلیف وضعیت ثبتی اراضی و ساختمان‌های فاقد سند رسمی مستقر در واحد ثبتی بهشهر تصرفات مالکانه و بلامعارض متقاضیان به شرح ذیل محرز گردیده است: ۱- رأی شماره ۱۴۰۴۶۰۳۱۸۰۰۲۰۰۰۱۶۱ آقای مهدی فرزند علی در ششدانگ یک باب خانه به مساحت ۱۸۶/۴۰ مترمربع پلاک فرعی از ۵۷ اصلی بخش ۷ بهشهر. ۲- رأی شماره ۱۴۰۴۶۰۳۱۸۰۰۲۰۰۰۱۶۲ خانم زهرا فرزند حسن در ششدانگ یک باب ساختمان به مساحت ۲۰۵/۳۰ مترمربع پلاک فرعی از ۵۷ اصلی بخش ۷ بهشهر. ۳- رأی شماره ۱۴۰۴۶۰۳۱۸۰۰۲۰۰۰۱۶۸ آقای علی فرزند محمد در ششدانگ یک قطعه زمین به مساحت ۳۱۲/۵۵ مترمربع پلاک فرعی از ۶۱ اصلی بخش ۷ بهشهر. ۴- رأی شماره ۱۴۰۴۶۰۳۱۸۰۰۲۰۰۰۱۷۳ آقای رضا فرزند قاسم در ششدانگ یک باب خانه به مساحت ۱۶۴/۲۰ مترمربع پلاک فرعی از ۶۳ اصلی بخش ۷ بهشهر. لذا به منظور اطلاع عموم مراتب در دو نوبت به فاصله ۱۵ روز آگهی می‌شود در صورتی که اشخاص نسبت به صدور سند مالکیت متقاضیان اعتراضی داشته باشند می‌توانند از تاریخ انتشار اولین آگهی به مدت دو ماه اعتراض خود را به این اداره تسلیم و پس از اخذ رسید ظرف مدت یک ماه از تاریخ تسلیم اعتراض دادخواست خود را به مرجع قضایی تقدیم نمایند. بدیهی است در صورت انقضای مدت مذکور و عدم وصول اعتراض طبق مقررات سند مالکیت صادر خواهد شد.
تاریخ انتشار نوبت اول: ۱۴۰۴/۰۲/۱۳ - تاریخ انتشار نوبت دوم: ۱۴۰۴/۰۲/۲۷
م الف ۲۱۲۸
محمد حسن صادقی
رئیس اداره ثبت اسناد و املاک بهشهر
اداره ثبت اسناد و املاک حوزه ثبت ملک بوئین زهرا
شماره: ۱۴۰۴۶۰۳۱۸۰۰۲۰۰۰۲۲۲
هیأت موضوع قانون تعیین تکلیف وضعیت ثبتی اراضی و ساختمان‌های فاقد سند رسمی
آگهی موضوع ماده ۳ قانون و ماده ۱۳ آیین‌نامه قانون تعیین تکلیف وضعیت ثبتی اراضی و ساختمان‌های فاقد سند رسمی
۱- برابر رأی شماره ۱۴۰۴۶۰۳۱۸۰۰۲۰۰۰۰۲۳ مورخ ۱۴۰۴/۰۱/۲۸ هیأت موضوع قانون تعیین تکلیف وضعیت ثبتی اراضی و ساختمان‌های فاقد سند رسمی مستقر در واحد ثبتی حوزه ثبت ملک بوئین زهرا تصرفات مالکانه بلامعارض متقاضی آقای اسماعیل دودانگه به شماره شناسنامه ۴۲ صادره از بوئین زهرا فرزند علی در ششدانگ یک باب خانه به مساحت ۳۸/۱۰۶ مترمربع پلاک ۱۵ فرعی از ۴۶ اصلی واقع در بخش ۹ قزوین بوئین زهرا خریداری از مالکیت رسمی خود متقاضی و ملکیت متقاضی مفروزی محرز گردیده است. لذا به منظور اطلاع عموم مراتب در دو نوبت به فاصله ۱۵ روز آگهی می‌شود در صورتی که اشخاص نسبت به صدور سند مالکیت متقاضی اعتراضی داشته باشند می‌توانند از تاریخ انتشار اولین آگهی به مدت دو ماه اعتراض خود را به این اداره تسلیم و پس از اخذ رسید ظرف مدت یک ماه از تاریخ تسلیم اعتراض دادخواست خود را به مرجع قضایی تقدیم نمایند. بدیهی است در صورت انقضای مدت مذکور و عدم وصول اعتراض طبق مقررات سند مالکیت صادر خواهد شد. صدور سند مالکیت مانع مراجعه متضرر به دادگاه نخواهد بود.
شناسه آگهی: ۱۹۲۹۰۱۰
تاریخ انتشار نوبت اول: ۱۴۰۴/۰۲/۲۷ - تاریخ انتشار نوبت دوم: ۱۴۰۴/۰۳/۱۲
سیروس محمدبیگی
رئیس اداره ثبت اسناد و املاک بوئین زهرا
اداره ثبت اسناد و املاک حوزه ثبت ملک بوئین زهرا
شماره: ۱۴۰۴۶۰۳۱۸۰۰۲۰۰۰۲۲۳
هیأت موضوع قانون تعیین تکلیف وضعیت ثبتی اراضی و ساختمان‌های فاقد سند رسمی
آگهی موضوع ماده ۳ قانون و ماده ۱۳ آیین‌نامه قانون تعیین تکلیف وضعیت ثبتی اراضی و ساختمان‌های فاقد سند رسمی
۱- برابر رأی شماره ۱۴۰۴۶۰۳۱۸۰۰۲۰۰۰۰۲۹ مورخ ۱۴۰۴/۰۱/۲۸ هیأت موضوع قانون تعیین تکلیف وضعیت ثبتی اراضی و ساختمان‌های فاقد سند رسمی مستقر در واحد ثبتی حوزه ثبت ملک بوئین زهرا تصرفات مالکانه بلامعارض متقاضی اسلام چگینی به شماره شناسنامه ۲۹۴ صادره از بوئین زهرا فرزند ذوالفقار در ششدانگ یک قطعه زمین مزروعی به مساحت ۱۵۳۲۲ مترمربع پلاک ۱۲۱ اصلی واقع در بخش ۹ قزوین بوئین زهرا خریداری از مالکیت رسمی و مشاعی متقاضی محرز گردیده است. لذا به منظور اطلاع عموم مراتب در دو نوبت به فاصله ۱۵ روز آگهی می‌شود در صورتی که اشخاص نسبت به صدور سند مالکیت متقاضی اعتراضی داشته باشند می‌توانند از تاریخ انتشار اولین آگهی به مدت دو ماه اعتراض خود را به این اداره تسلیم و پس از اخذ رسید ظرف مدت یک ماه از تاریخ تسلیم اعتراض دادخواست خود را به مرجع قضایی تقدیم نمایند. بدیهی است در صورت انقضای مدت مذکور و عدم وصول اعتراض طبق مقررات سند مالکیت صادر خواهد شد. صدور سند مالکیت مانع مراجعه متضرر به دادگاه نخواهد بود.
شناسه آگهی: ۱۹۲۹۰۳۰
تاریخ انتشار نوبت اول: ۱۴۰۴/۰۲/۲۷ - تاریخ انتشار نوبت دوم: ۱۴۰۴/۰۳/۱۲
سیروس محمدبیگی
رئیس اداره ثبت اسناد و املاک بوئین زهرا
آگهی موضوع ماده ۳ و ماده ۱۳ آیین‌نامه قانون تعیین تکلیف وضعیت ثبتی اراضی و ساختمان‌های فاقد سند رسمی
نظر به دستور مواد ۳ قانون تعیین تکلیف وضعیت اراضی و ساختمان‌های فاقد سند رسمی مصوب ۱۳۹۰/۰۹/۲۰ املاک متقاضیانی که درخواست آنها در هیأت مستقر در واحد ثبتی آمل مورد رسیدگی و صدور رأی قرار گرفته برای اطلاع عموم در دو نوبت به فاصله ۱۵ روز آگهی می‌شود: ۳۴ - رأی شماره ۱۴۰۴۶۰۳۱۸۰۰۱۰۰۰۷۱۶ آقای جواد عابدی در یک قطعه زمین با کاربری باغی به مساحت ۲۲۰ مترمربع قسمتی از پلاک ۴۹ اصلی واقع در بخش ۷ آمل. در صورتی که اشخاص نسبت به صدور سند مالکیت متقاضیان اعتراضی داشته باشند می‌توانند از تاریخ انتشار اولین آگهی به مدت دو ماه اعتراض خود را به اداره ثبت اسناد و املاک آمل تسلیم و رسید دریافت نمایند و ظرف مدت یک ماه از تاریخ تسلیم اعتراض نسبت به تقدیم دادخواست به دادگاه عمومی محل اقدام و گواهی تقدیم دادخواست را به این اداره ارائه نمایند. بدیهی است در صورت انقضای مدت مذکور و عدم وصول اعتراض طبق مقررات سند مالکیت صادر خواهد شد و صدور سند مالکیت مانع از مراجعه متضرر به دادگاه نخواهد بود.
م الف ۱۹۲۲۸۹۹
تاریخ انتشار نوبت اول: ۱۴۰۴/۰۲/۱۳ - تاریخ انتشار نوبت دوم: ۱۴۰۴/۰۲/۲۷
حسن صالحی
رئیس اداره ثبت اسناد و املاک آمل
